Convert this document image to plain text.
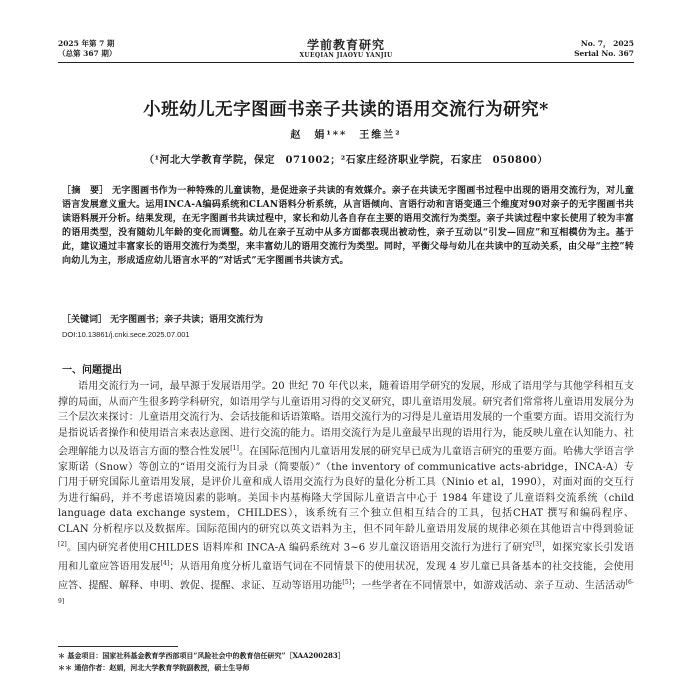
2025 年第 7 期
（总第 367 期）
学前教育研究
XUEQIAN JIAOYU YANJIU
No. 7， 2025
Serial No. 367
小班幼儿无字图画书亲子共读的语用交流行为研究*
赵　娟¹**　王维兰²
（¹河北大学教育学院，保定　071002；²石家庄经济职业学院，石家庄　050800）
［摘　要］ 无字图画书作为一种特殊的儿童读物，是促进亲子共读的有效媒介。亲子在共读无字图画书过程中出现的语用交流行为，对儿童语言发展意义重大。运用INCA-A编码系统和CLAN语料分析系统，从言语倾向、言语行动和言语变通三个维度对90对亲子的无字图画书共读语料展开分析。结果发现，在无字图画书共读过程中，家长和幼儿各自存在主要的语用交流行为类型。亲子共读过程中家长使用了较为丰富的语用类型，没有随幼儿年龄的变化而调整。幼儿在亲子互动中从多方面都表现出被动性，亲子互动以“引发—回应”和互相模仿为主。基于此，建议通过丰富家长的语用交流行为类型，来丰富幼儿的语用交流行为类型。同时，平衡父母与幼儿在共读中的互动关系，由父母“主控”转向幼儿为主，形成适应幼儿语言水平的“对话式”无字图画书共读方式。
［关键词］ 无字图画书；亲子共读；语用交流行为
DOI:10.13861/j.cnki.sece.2025.07.001
一、问题提出
语用交流行为一词，最早源于发展语用学。20 世纪 70 年代以来，随着语用学研究的发展，形成了语用学与其他学科相互支撑的局面，从而产生很多跨学科研究，如语用学与儿童语用习得的交叉研究，即儿童语用发展。研究者们常常将儿童语用发展分为三个层次来探讨：儿童语用交流行为、会话技能和话语策略。语用交流行为的习得是儿童语用发展的一个重要方面。语用交流行为是指说话者操作和使用语言来表达意图、进行交流的能力。语用交流行为是儿童最早出现的语用行为，能反映儿童在认知能力、社会理解能力以及语言方面的整合性发展[1]。在国际范围内儿童语用发展的研究早已成为儿童语言研究的重要方面。哈佛大学语言学家斯诺（Snow）等创立的“语用交流行为目录（简要版）”（the inventory of communicative acts-abridge，INCA-A）专门用于研究国际儿童语用发展，是评价儿童和成人语用交流行为良好的量化分析工具（Ninio et al，1990），对面对面的交互行为进行编码，并不考虑语境因素的影响。美国卡内基梅隆大学国际儿童语言中心于 1984 年建设了儿童语料交流系统（child language data exchange system，CHILDES），该系统有三个独立但相互结合的工具，包括CHAT 撰写和编码程序、CLAN 分析程序以及数据库。国际范围内的研究以英文语料为主，但不同年龄儿童语用发展的规律必须在其他语言中得到验证[2]。国内研究者使用CHILDES 语料库和 INCA-A 编码系统对 3~6 岁儿童汉语语用交流行为进行了研究[3]，如探究家长引发语用和儿童应答语用发展[4]；从语用角度分析儿童语气词在不同情景下的使用状况，发现 4 岁儿童已具备基本的社交技能，会使用应答、提醒、解释、申明、敦促、提醒、求证、互动等语用功能[5]；一些学者在不同情景中，如游戏活动、亲子互动、生活活动[6-9]
＊ 基金项目：国家社科基金教育学西部项目“风险社会中的教育信任研究”［XAA200283］
＊＊ 通信作者：赵娟，河北大学教育学院副教授，硕士生导师
